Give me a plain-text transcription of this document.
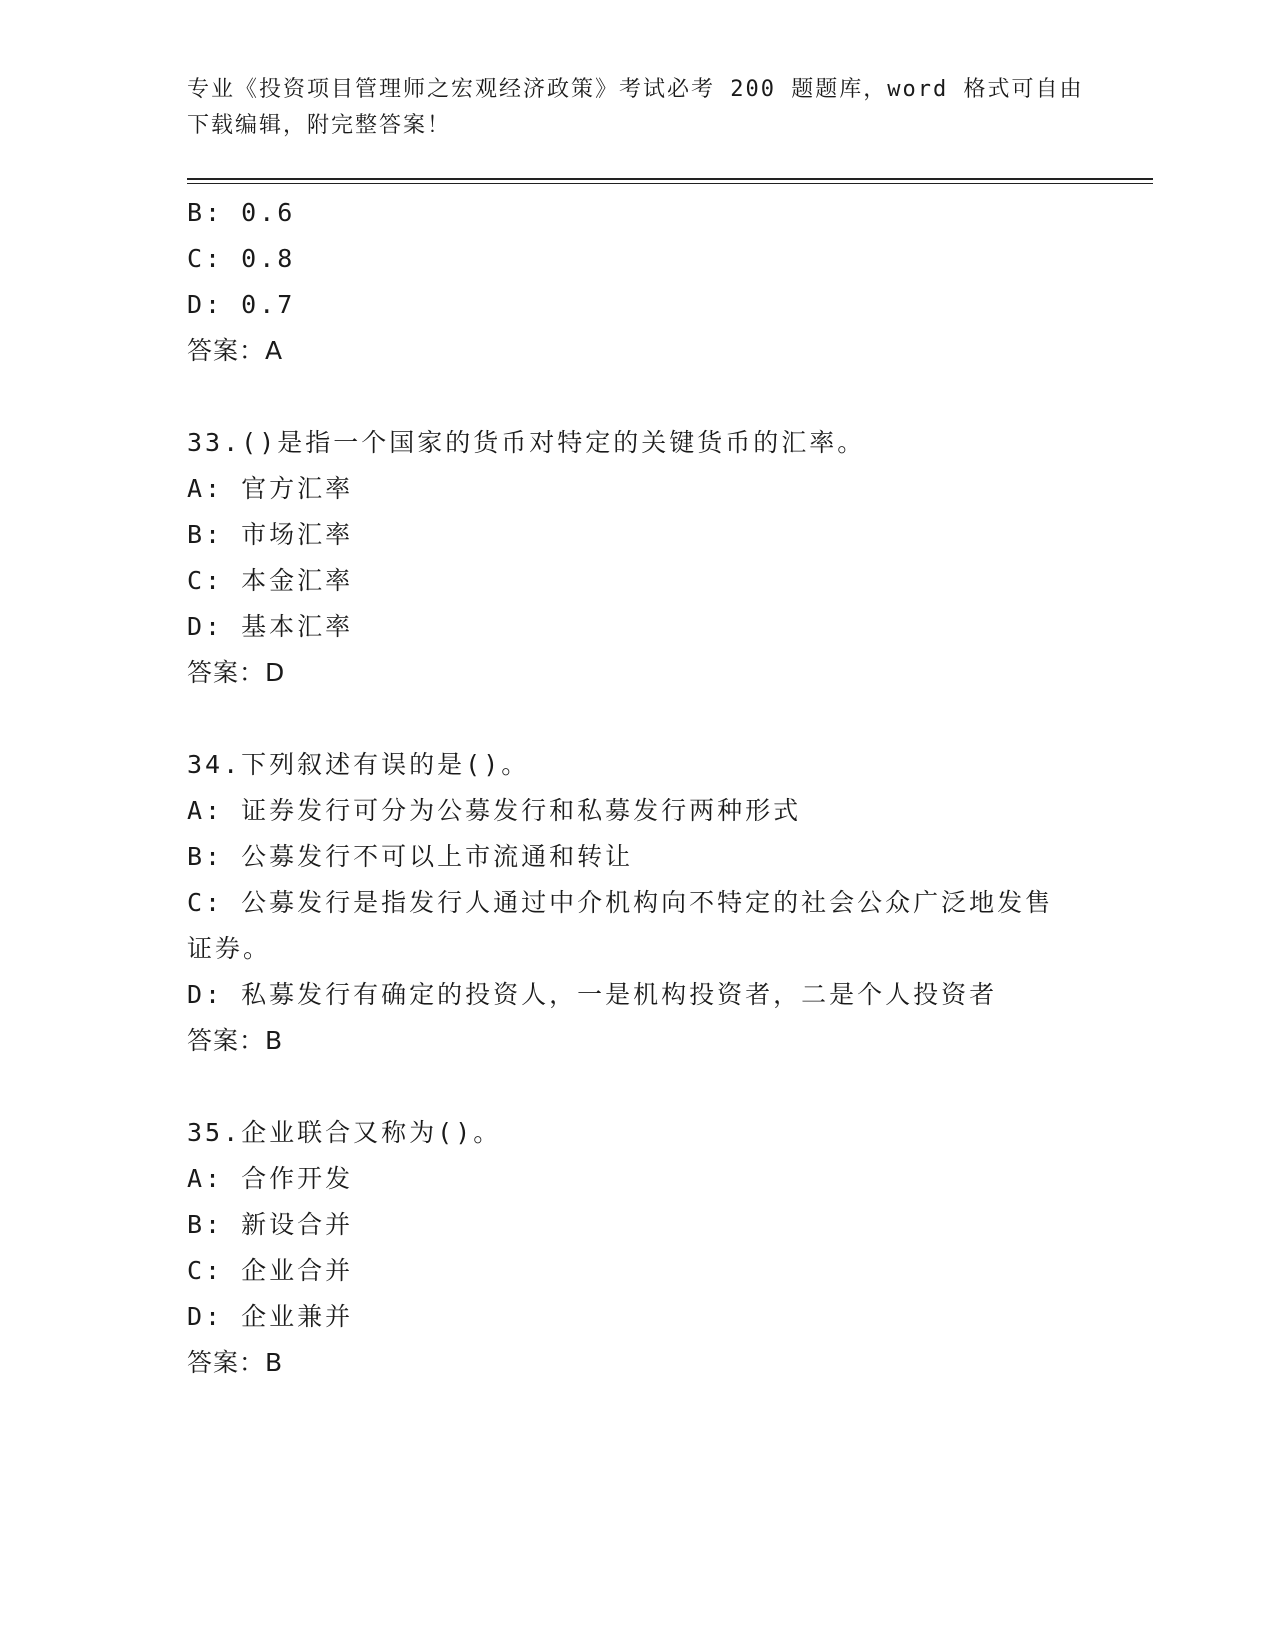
专业《投资项目管理师之宏观经济政策》考试必考 200 题题库，word 格式可自由
下载编辑，附完整答案！
B: 0.6
C: 0.8
D: 0.7
答案：A
33.()是指一个国家的货币对特定的关键货币的汇率。
A: 官方汇率
B: 市场汇率
C: 本金汇率
D: 基本汇率
答案：D
34.下列叙述有误的是()。
A: 证券发行可分为公募发行和私募发行两种形式
B: 公募发行不可以上市流通和转让
C: 公募发行是指发行人通过中介机构向不特定的社会公众广泛地发售
证券。
D: 私募发行有确定的投资人，一是机构投资者，二是个人投资者
答案：B
35.企业联合又称为()。
A: 合作开发
B: 新设合并
C: 企业合并
D: 企业兼并
答案：B
